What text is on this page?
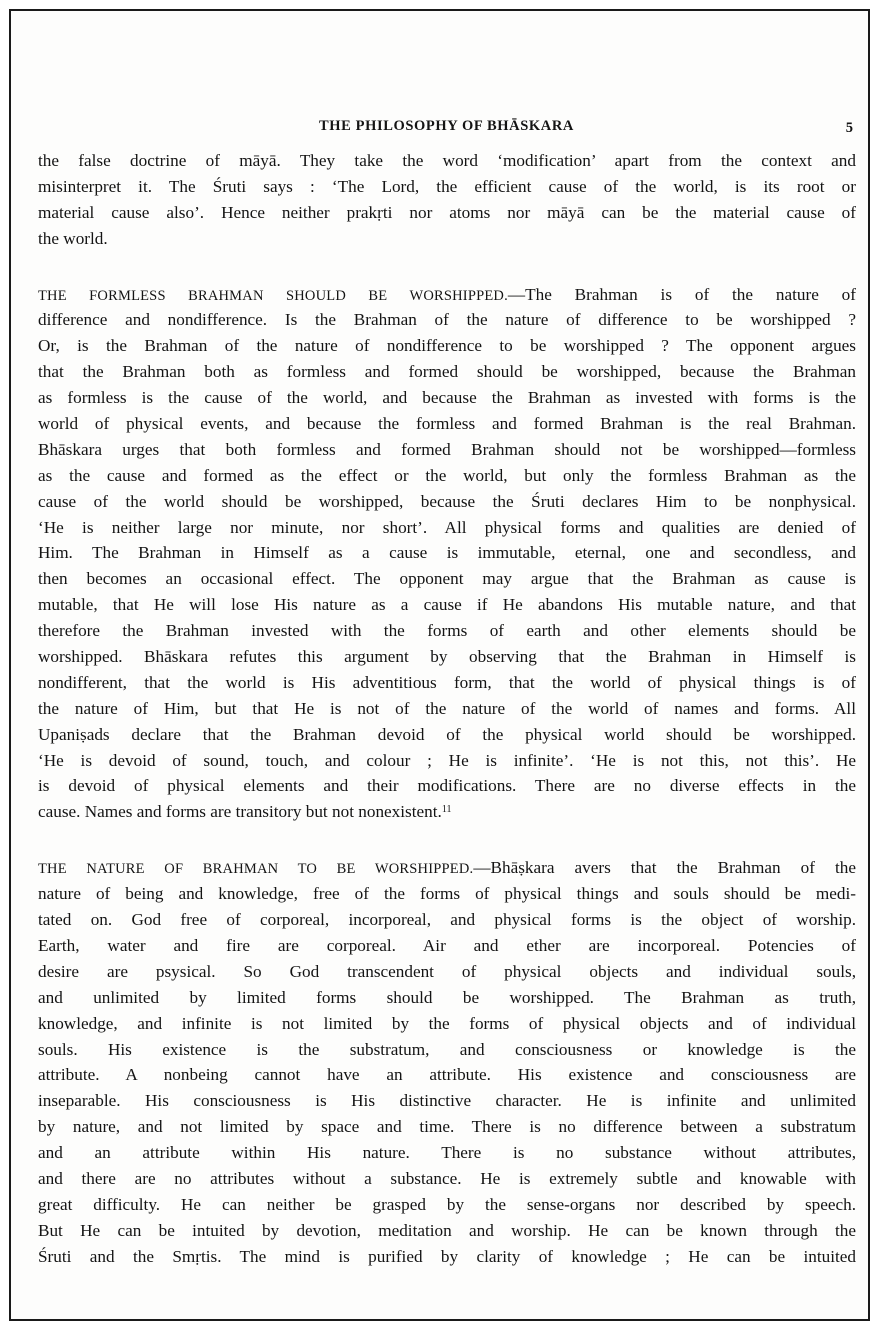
THE PHILOSOPHY OF BHĀSKARA	5
the false doctrine of māyā. They take the word ‘modification’ apart from the context and
misinterpret it. The Śruti says : ‘The Lord, the efficient cause of the world, is its root or
material cause also’. Hence neither prakṛti nor atoms nor māyā can be the material cause of
the world.
THE FORMLESS BRAHMAN SHOULD BE WORSHIPPED.—The Brahman is of the nature of
difference and nondifference. Is the Brahman of the nature of difference to be worshipped ?
Or, is the Brahman of the nature of nondifference to be worshipped ? The opponent argues
that the Brahman both as formless and formed should be worshipped, because the Brahman
as formless is the cause of the world, and because the Brahman as invested with forms is the
world of physical events, and because the formless and formed Brahman is the real Brahman.
Bhāskara urges that both formless and formed Brahman should not be worshipped—formless
as the cause and formed as the effect or the world, but only the formless Brahman as the
cause of the world should be worshipped, because the Śruti declares Him to be nonphysical.
‘He is neither large nor minute, nor short’. All physical forms and qualities are denied of
Him. The Brahman in Himself as a cause is immutable, eternal, one and secondless, and
then becomes an occasional effect. The opponent may argue that the Brahman as cause is
mutable, that He will lose His nature as a cause if He abandons His mutable nature, and that
therefore the Brahman invested with the forms of earth and other elements should be
worshipped. Bhāskara refutes this argument by observing that the Brahman in Himself is
nondifferent, that the world is His adventitious form, that the world of physical things is of
the nature of Him, but that He is not of the nature of the world of names and forms. All
Upaniṣads declare that the Brahman devoid of the physical world should be worshipped.
‘He is devoid of sound, touch, and colour ; He is infinite’. ‘He is not this, not this’. He
is devoid of physical elements and their modifications. There are no diverse effects in the
cause. Names and forms are transitory but not nonexistent.$^{11}$
THE NATURE OF BRAHMAN TO BE WORSHIPPED.—Bhāṣkara avers that the Brahman of the
nature of being and knowledge, free of the forms of physical things and souls should be medi-
tated on. God free of corporeal, incorporeal, and physical forms is the object of worship.
Earth, water and fire are corporeal. Air and ether are incorporeal. Potencies of
desire are psysical. So God transcendent of physical objects and individual souls,
and unlimited by limited forms should be worshipped. The Brahman as truth,
knowledge, and infinite is not limited by the forms of physical objects and of individual
souls. His existence is the substratum, and consciousness or knowledge is the
attribute. A nonbeing cannot have an attribute. His existence and consciousness are
inseparable. His consciousness is His distinctive character. He is infinite and unlimited
by nature, and not limited by space and time. There is no difference between a substratum
and an attribute within His nature. There is no substance without attributes,
and there are no attributes without a substance. He is extremely subtle and knowable with
great difficulty. He can neither be grasped by the sense-organs nor described by speech.
But He can be intuited by devotion, meditation and worship. He can be known through the
Śruti and the Smṛtis. The mind is purified by clarity of knowledge ; He can be intuited
